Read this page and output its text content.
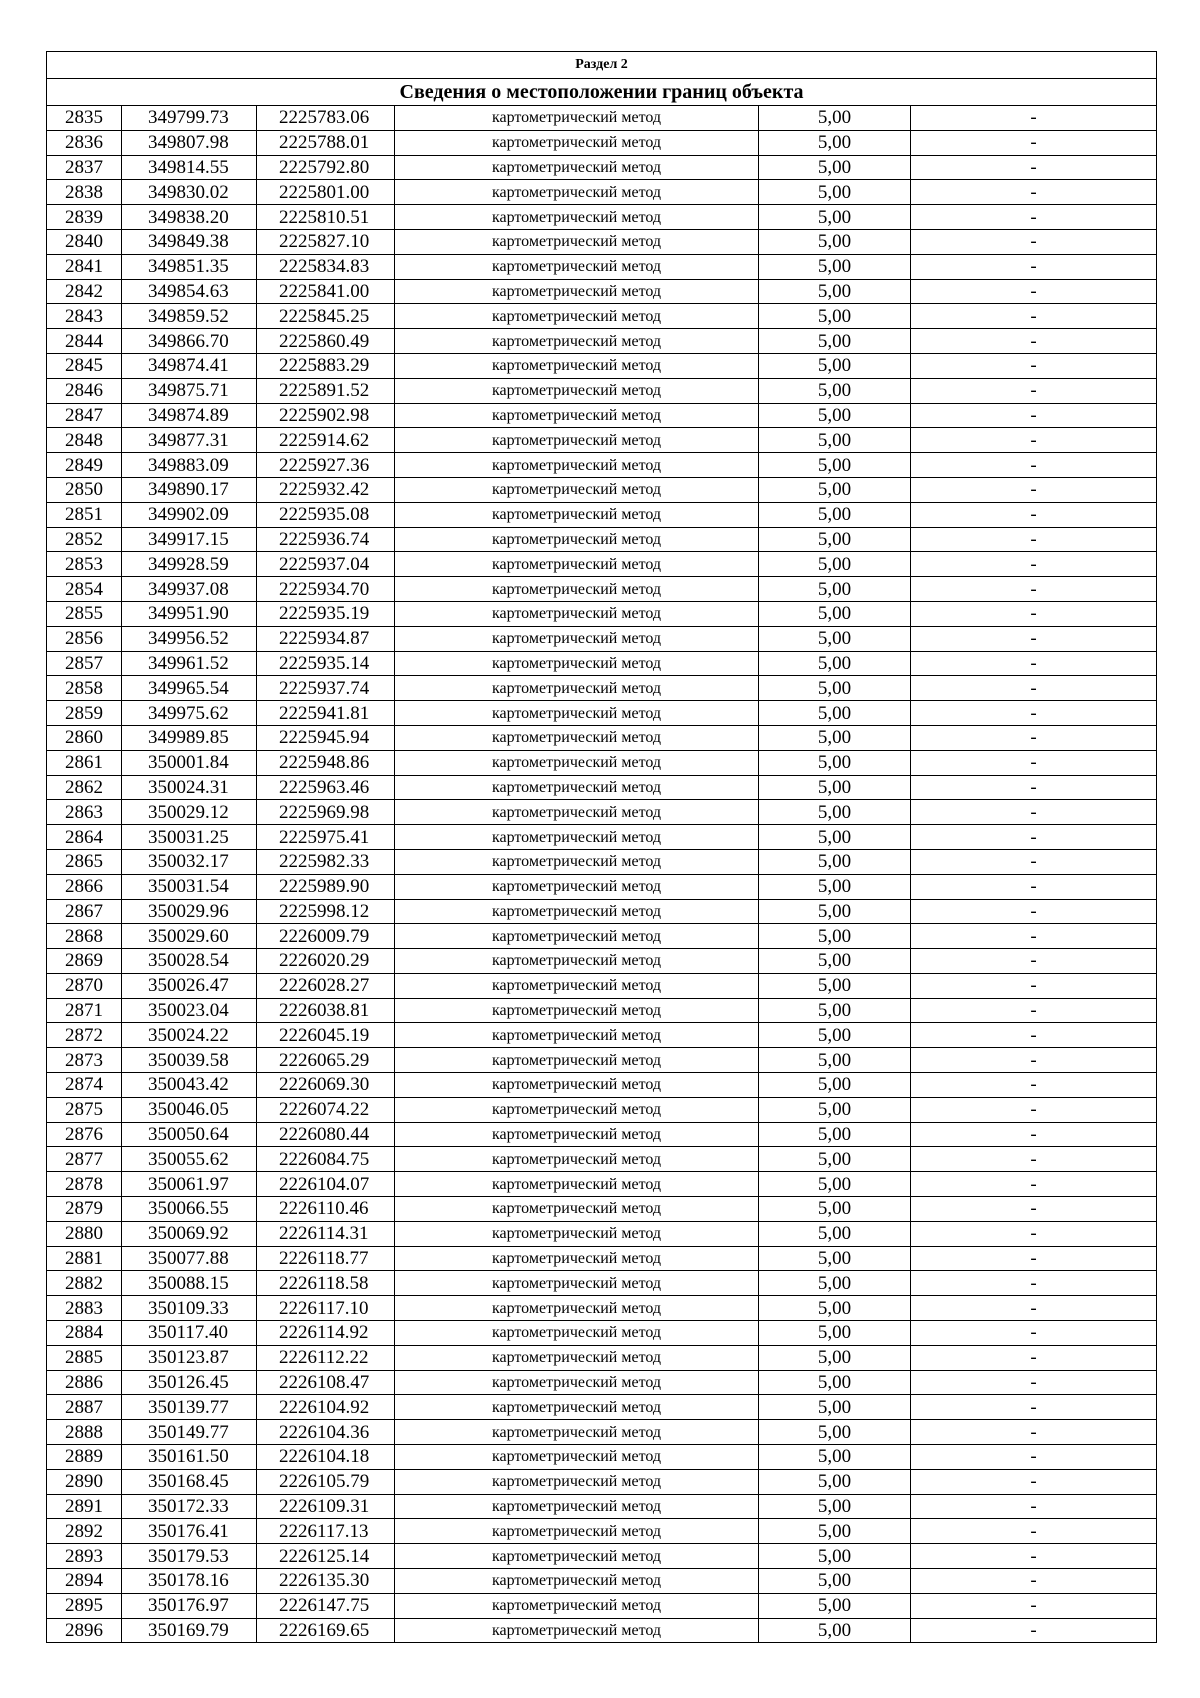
Раздел 2					
Сведения о местоположении границ объекта					
2835	349799.73	2225783.06	картометрический метод	5,00	-
2836	349807.98	2225788.01	картометрический метод	5,00	-
2837	349814.55	2225792.80	картометрический метод	5,00	-
2838	349830.02	2225801.00	картометрический метод	5,00	-
2839	349838.20	2225810.51	картометрический метод	5,00	-
2840	349849.38	2225827.10	картометрический метод	5,00	-
2841	349851.35	2225834.83	картометрический метод	5,00	-
2842	349854.63	2225841.00	картометрический метод	5,00	-
2843	349859.52	2225845.25	картометрический метод	5,00	-
2844	349866.70	2225860.49	картометрический метод	5,00	-
2845	349874.41	2225883.29	картометрический метод	5,00	-
2846	349875.71	2225891.52	картометрический метод	5,00	-
2847	349874.89	2225902.98	картометрический метод	5,00	-
2848	349877.31	2225914.62	картометрический метод	5,00	-
2849	349883.09	2225927.36	картометрический метод	5,00	-
2850	349890.17	2225932.42	картометрический метод	5,00	-
2851	349902.09	2225935.08	картометрический метод	5,00	-
2852	349917.15	2225936.74	картометрический метод	5,00	-
2853	349928.59	2225937.04	картометрический метод	5,00	-
2854	349937.08	2225934.70	картометрический метод	5,00	-
2855	349951.90	2225935.19	картометрический метод	5,00	-
2856	349956.52	2225934.87	картометрический метод	5,00	-
2857	349961.52	2225935.14	картометрический метод	5,00	-
2858	349965.54	2225937.74	картометрический метод	5,00	-
2859	349975.62	2225941.81	картометрический метод	5,00	-
2860	349989.85	2225945.94	картометрический метод	5,00	-
2861	350001.84	2225948.86	картометрический метод	5,00	-
2862	350024.31	2225963.46	картометрический метод	5,00	-
2863	350029.12	2225969.98	картометрический метод	5,00	-
2864	350031.25	2225975.41	картометрический метод	5,00	-
2865	350032.17	2225982.33	картометрический метод	5,00	-
2866	350031.54	2225989.90	картометрический метод	5,00	-
2867	350029.96	2225998.12	картометрический метод	5,00	-
2868	350029.60	2226009.79	картометрический метод	5,00	-
2869	350028.54	2226020.29	картометрический метод	5,00	-
2870	350026.47	2226028.27	картометрический метод	5,00	-
2871	350023.04	2226038.81	картометрический метод	5,00	-
2872	350024.22	2226045.19	картометрический метод	5,00	-
2873	350039.58	2226065.29	картометрический метод	5,00	-
2874	350043.42	2226069.30	картометрический метод	5,00	-
2875	350046.05	2226074.22	картометрический метод	5,00	-
2876	350050.64	2226080.44	картометрический метод	5,00	-
2877	350055.62	2226084.75	картометрический метод	5,00	-
2878	350061.97	2226104.07	картометрический метод	5,00	-
2879	350066.55	2226110.46	картометрический метод	5,00	-
2880	350069.92	2226114.31	картометрический метод	5,00	-
2881	350077.88	2226118.77	картометрический метод	5,00	-
2882	350088.15	2226118.58	картометрический метод	5,00	-
2883	350109.33	2226117.10	картометрический метод	5,00	-
2884	350117.40	2226114.92	картометрический метод	5,00	-
2885	350123.87	2226112.22	картометрический метод	5,00	-
2886	350126.45	2226108.47	картометрический метод	5,00	-
2887	350139.77	2226104.92	картометрический метод	5,00	-
2888	350149.77	2226104.36	картометрический метод	5,00	-
2889	350161.50	2226104.18	картометрический метод	5,00	-
2890	350168.45	2226105.79	картометрический метод	5,00	-
2891	350172.33	2226109.31	картометрический метод	5,00	-
2892	350176.41	2226117.13	картометрический метод	5,00	-
2893	350179.53	2226125.14	картометрический метод	5,00	-
2894	350178.16	2226135.30	картометрический метод	5,00	-
2895	350176.97	2226147.75	картометрический метод	5,00	-
2896	350169.79	2226169.65	картометрический метод	5,00	-
